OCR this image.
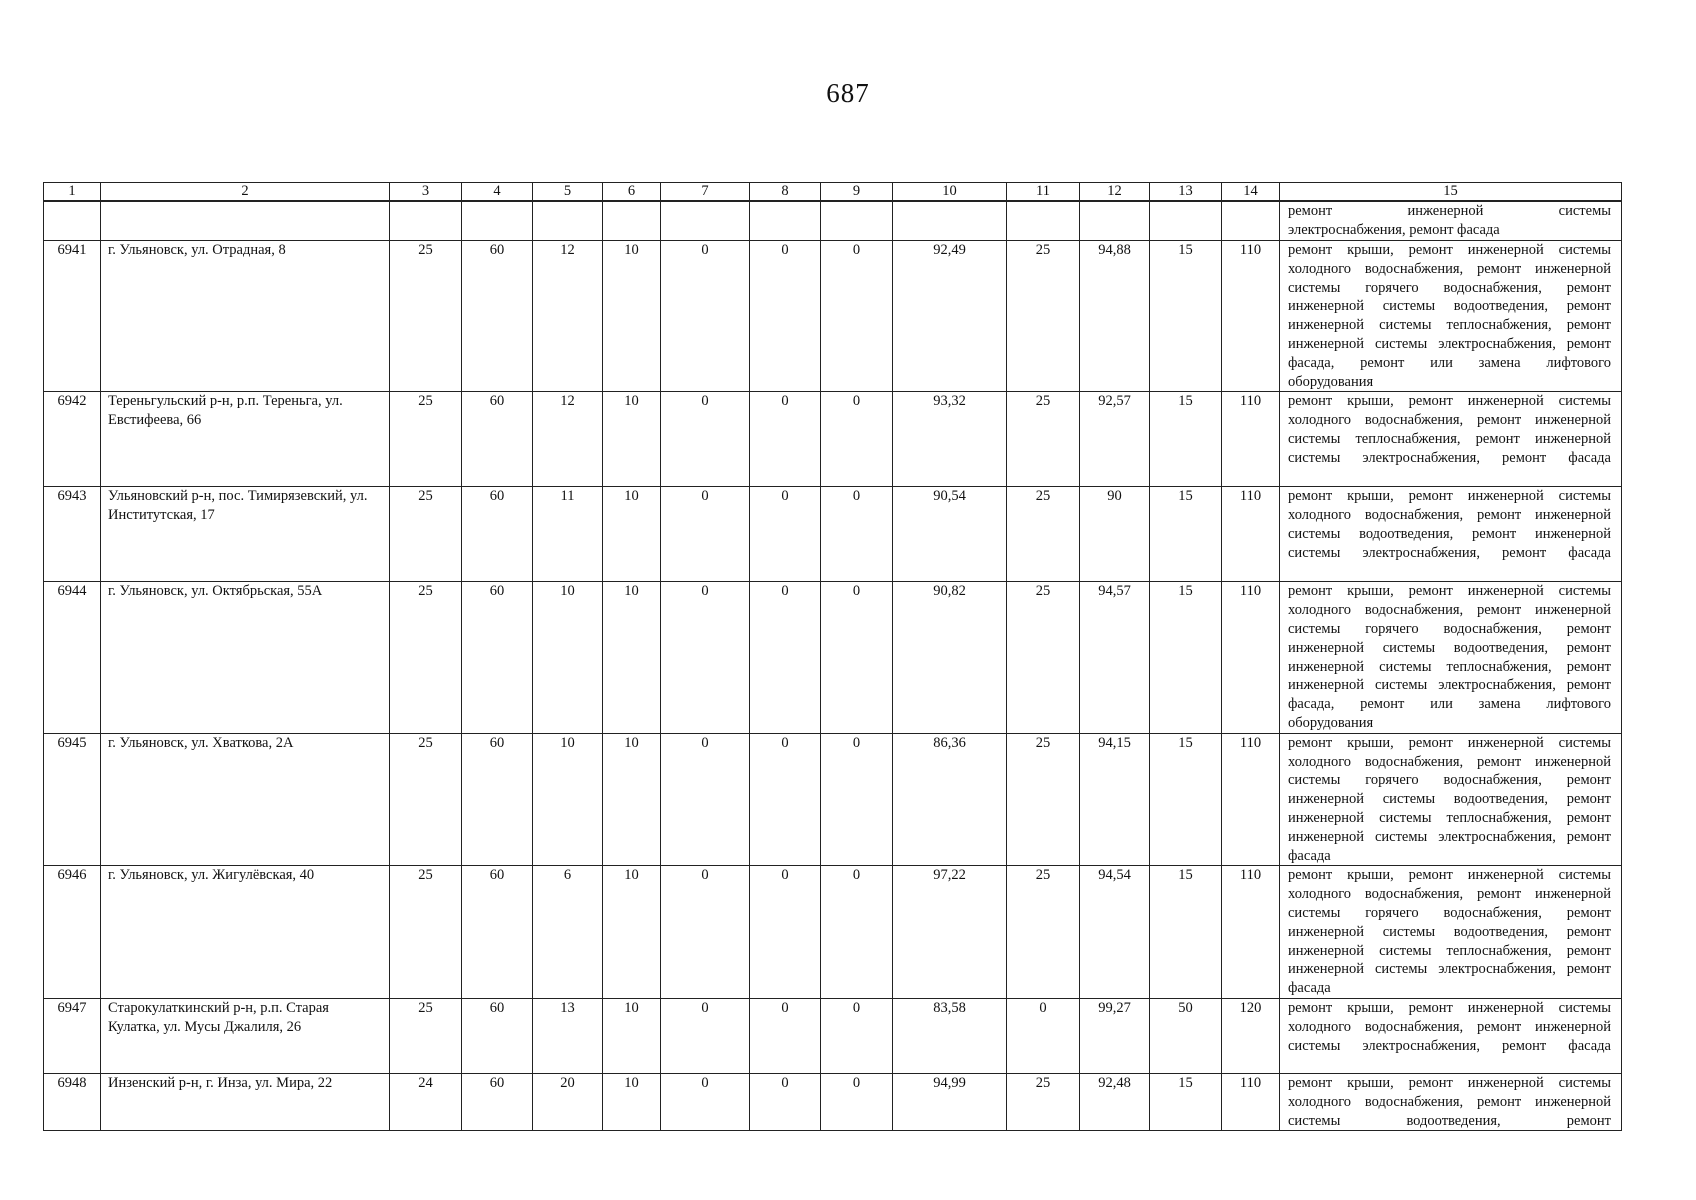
687
1	2	3	4	5	6	7	8	9	10	11	12	13	14	15

														ремонт инженерной системы
электроснабжения, ремонт фасада

6941	г. Ульяновск, ул. Отрадная, 8	25	60	12	10	0	0	0	92,49	25	94,88	15	110	ремонт крыши, ремонт инженерной системы холодного водоснабжения, ремонт инженерной системы горячего водоснабжения, ремонт инженерной системы водоотведения, ремонт инженерной системы теплоснабжения, ремонт инженерной системы электроснабжения, ремонт фасада, ремонт или замена лифтового оборудования
6942	Тереньгульский р-н, р.п. Тереньга, ул. Евстифеева, 66	25	60	12	10	0	0	0	93,32	25	92,57	15	110	ремонт крыши, ремонт инженерной системы холодного водоснабжения, ремонт инженерной системы теплоснабжения, ремонт инженерной системы электроснабжения, ремонт фасада
6943	Ульяновский р-н, пос. Тимирязевский, ул. Институтская, 17	25	60	11	10	0	0	0	90,54	25	90	15	110	ремонт крыши, ремонт инженерной системы холодного водоснабжения, ремонт инженерной системы водоотведения, ремонт инженерной системы электроснабжения, ремонт фасада
6944	г. Ульяновск, ул. Октябрьская, 55А	25	60	10	10	0	0	0	90,82	25	94,57	15	110	ремонт крыши, ремонт инженерной системы холодного водоснабжения, ремонт инженерной системы горячего водоснабжения, ремонт инженерной системы водоотведения, ремонт инженерной системы теплоснабжения, ремонт инженерной системы электроснабжения, ремонт фасада, ремонт или замена лифтового оборудования
6945	г. Ульяновск, ул. Хваткова, 2А	25	60	10	10	0	0	0	86,36	25	94,15	15	110	ремонт крыши, ремонт инженерной системы холодного водоснабжения, ремонт инженерной системы горячего водоснабжения, ремонт инженерной системы водоотведения, ремонт инженерной системы теплоснабжения, ремонт инженерной системы электроснабжения, ремонт фасада
6946	г. Ульяновск, ул. Жигулёвская, 40	25	60	6	10	0	0	0	97,22	25	94,54	15	110	ремонт крыши, ремонт инженерной системы холодного водоснабжения, ремонт инженерной системы горячего водоснабжения, ремонт инженерной системы водоотведения, ремонт инженерной системы теплоснабжения, ремонт инженерной системы электроснабжения, ремонт фасада
6947	Старокулаткинский р-н, р.п. Старая Кулатка, ул. Мусы Джалиля, 26	25	60	13	10	0	0	0	83,58	0	99,27	50	120	ремонт крыши, ремонт инженерной системы холодного водоснабжения, ремонт инженерной системы электроснабжения, ремонт фасада
6948	Инзенский р-н, г. Инза, ул. Мира, 22	24	60	20	10	0	0	0	94,99	25	92,48	15	110	ремонт крыши, ремонт инженерной системы холодного водоснабжения, ремонт инженерной системы водоотведения, ремонт
